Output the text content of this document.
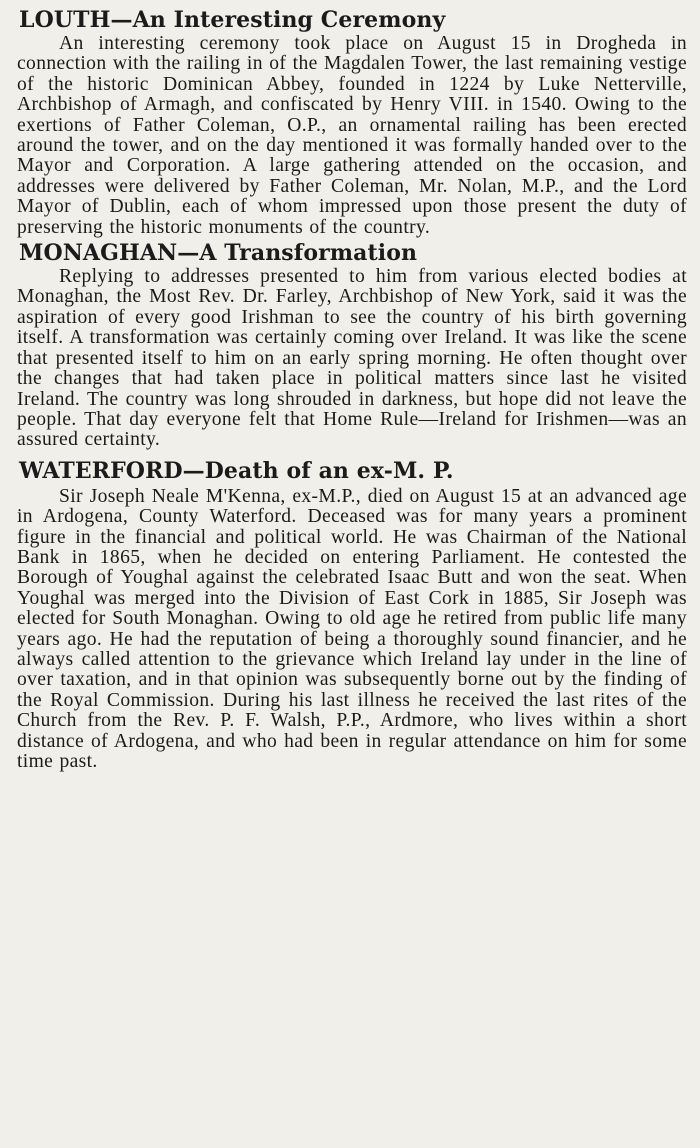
LOUTH—An Interesting Ceremony

An interesting ceremony took place on August 15 in Drogheda in connection with the railing in of the Magdalen Tower, the last remaining vestige of the historic Dominican Abbey, founded in 1224 by Luke Netterville, Archbishop of Armagh, and confiscated by Henry VIII. in 1540. Owing to the exertions of Father Coleman, O.P., an ornamental railing has been erected around the tower, and on the day mentioned it was formally handed over to the Mayor and Corporation. A large gathering attended on the occasion, and addresses were delivered by Father Coleman, Mr. Nolan, M.P., and the Lord Mayor of Dublin, each of whom impressed upon those present the duty of preserving the historic monuments of the country.

MONAGHAN—A Transformation

Replying to addresses presented to him from various elected bodies at Monaghan, the Most Rev. Dr. Farley, Archbishop of New York, said it was the aspiration of every good Irishman to see the country of his birth governing itself. A transformation was certainly coming over Ireland. It was like the scene that presented itself to him on an early spring morning. He often thought over the changes that had taken place in political matters since last he visited Ireland. The country was long shrouded in darkness, but hope did not leave the people. That day everyone felt that Home Rule—Ireland for Irishmen—was an assured certainty.

WATERFORD—Death of an ex-M. P.

Sir Joseph Neale M'Kenna, ex-M.P., died on August 15 at an advanced age in Ardogena, County Waterford. Deceased was for many years a prominent figure in the financial and political world. He was Chairman of the National Bank in 1865, when he decided on entering Parliament. He contested the Borough of Youghal against the celebrated Isaac Butt and won the seat. When Youghal was merged into the Division of East Cork in 1885, Sir Joseph was elected for South Monaghan. Owing to old age he retired from public life many years ago. He had the reputation of being a thoroughly sound financier, and he always called attention to the grievance which Ireland lay under in the line of over taxation, and in that opinion was subsequently borne out by the finding of the Royal Commission. During his last illness he received the last rites of the Church from the Rev. P. F. Walsh, P.P., Ardmore, who lives within a short distance of Ardogena, and who had been in regular attendance on him for some time past.
